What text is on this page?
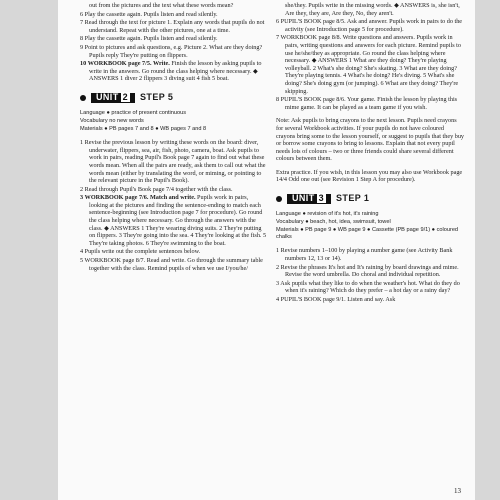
out from the pictures and the text what these words mean?

6 Play the cassette again. Pupils listen and read silently.

7 Read through the text for picture 1. Explain any words that pupils do not understand. Repeat with the other pictures, one at a time.

8 Play the cassette again. Pupils listen and read silently.

9 Point to pictures and ask questions, e.g. Picture 2. What are they doing? Pupils reply They're putting on flippers.

10 WORKBOOK page 7/5. Write. Finish the lesson by asking pupils to write in the answers. Go round the class helping where necessary. ◆ ANSWERS 1 diver 2 flippers 3 diving suit 4 fish 5 boat.

UNIT 2	STEP 5

Language ● practice of present continuous

Vocabulary no new words

Materials ● PB pages 7 and 8 ● WB pages 7 and 8

1 Revise the previous lesson by writing these words on the board: diver, underwater, flippers, sea, air, fish, photo, camera, boat. Ask pupils to work in pairs, reading Pupil's Book page 7 again to find out what these words mean. When all the pairs are ready, ask them to call out what the words mean (either by translating the word, or miming, or pointing to the relevant picture in the Pupil's Book).

2 Read through Pupil's Book page 7/4 together with the class.

3 WORKBOOK page 7/6. Match and write. Pupils work in pairs, looking at the pictures and finding the sentence-ending to match each sentence-beginning (see Introduction page 7 for procedure). Go round the class helping where necessary. Go through the answers with the class. ◆ ANSWERS 1 They're wearing diving suits. 2 They're putting on flippers. 3 They're going into the sea. 4 They're looking at the fish. 5 They're taking photos. 6 They're swimming to the boat.

4 Pupils write out the complete sentences below.

5 WORKBOOK page 8/7. Read and write. Go through the summary table together with the class. Remind pupils of when we use I/you/he/

she/they. Pupils write in the missing words. ◆ ANSWERS is, she isn't, Are they, they are, Are they, No, they aren't.

6 PUPIL'S BOOK page 8/5. Ask and answer. Pupils work in pairs to do the activity (see Introduction page 5 for procedure).

7 WORKBOOK page 8/8. Write questions and answers. Pupils work in pairs, writing questions and answers for each picture. Remind pupils to use he/she/they as appropriate. Go round the class helping where necessary. ◆ ANSWERS 1 What are they doing? They're playing volleyball. 2 What's she doing? She's skating. 3 What are they doing? They're playing tennis. 4 What's he doing? He's diving. 5 What's she doing? She's doing gym (or jumping). 6 What are they doing? They're skipping.

8 PUPIL'S BOOK page 8/6. Your game. Finish the lesson by playing this mime game. It can be played as a team game if you wish.

Note: Ask pupils to bring crayons to the next lesson. Pupils need crayons for several Workbook activities. If your pupils do not have coloured crayons bring some to the lesson yourself, or suggest to pupils that they buy or borrow some crayons to bring to lessons. Explain that not every pupil needs lots of colours – two or three friends could share several different colours between them.

Extra practice. If you wish, in this lesson you may also use Workbook page 14/4 Odd one out (see Revision 1 Step A for procedure).

UNIT 3	STEP 1

Language ● revision of it's hot, it's raining

Vocabulary ● beach, hot, idea, swimsuit, towel

Materials ● PB page 9 ● WB page 9 ● Cassette (PB page 9/1) ● coloured chalks

1 Revise numbers 1–100 by playing a number game (see Activity Bank numbers 12, 13 or 14).

2 Revise the phrases It's hot and It's raining by board drawings and mime. Revise the word umbrella. Do choral and individual repetition.

3 Ask pupils what they like to do when the weather's hot. What do they do when it's raining? Which do they prefer – a hot day or a rainy day?

4 PUPIL'S BOOK page 9/1. Listen and say. Ask

13
